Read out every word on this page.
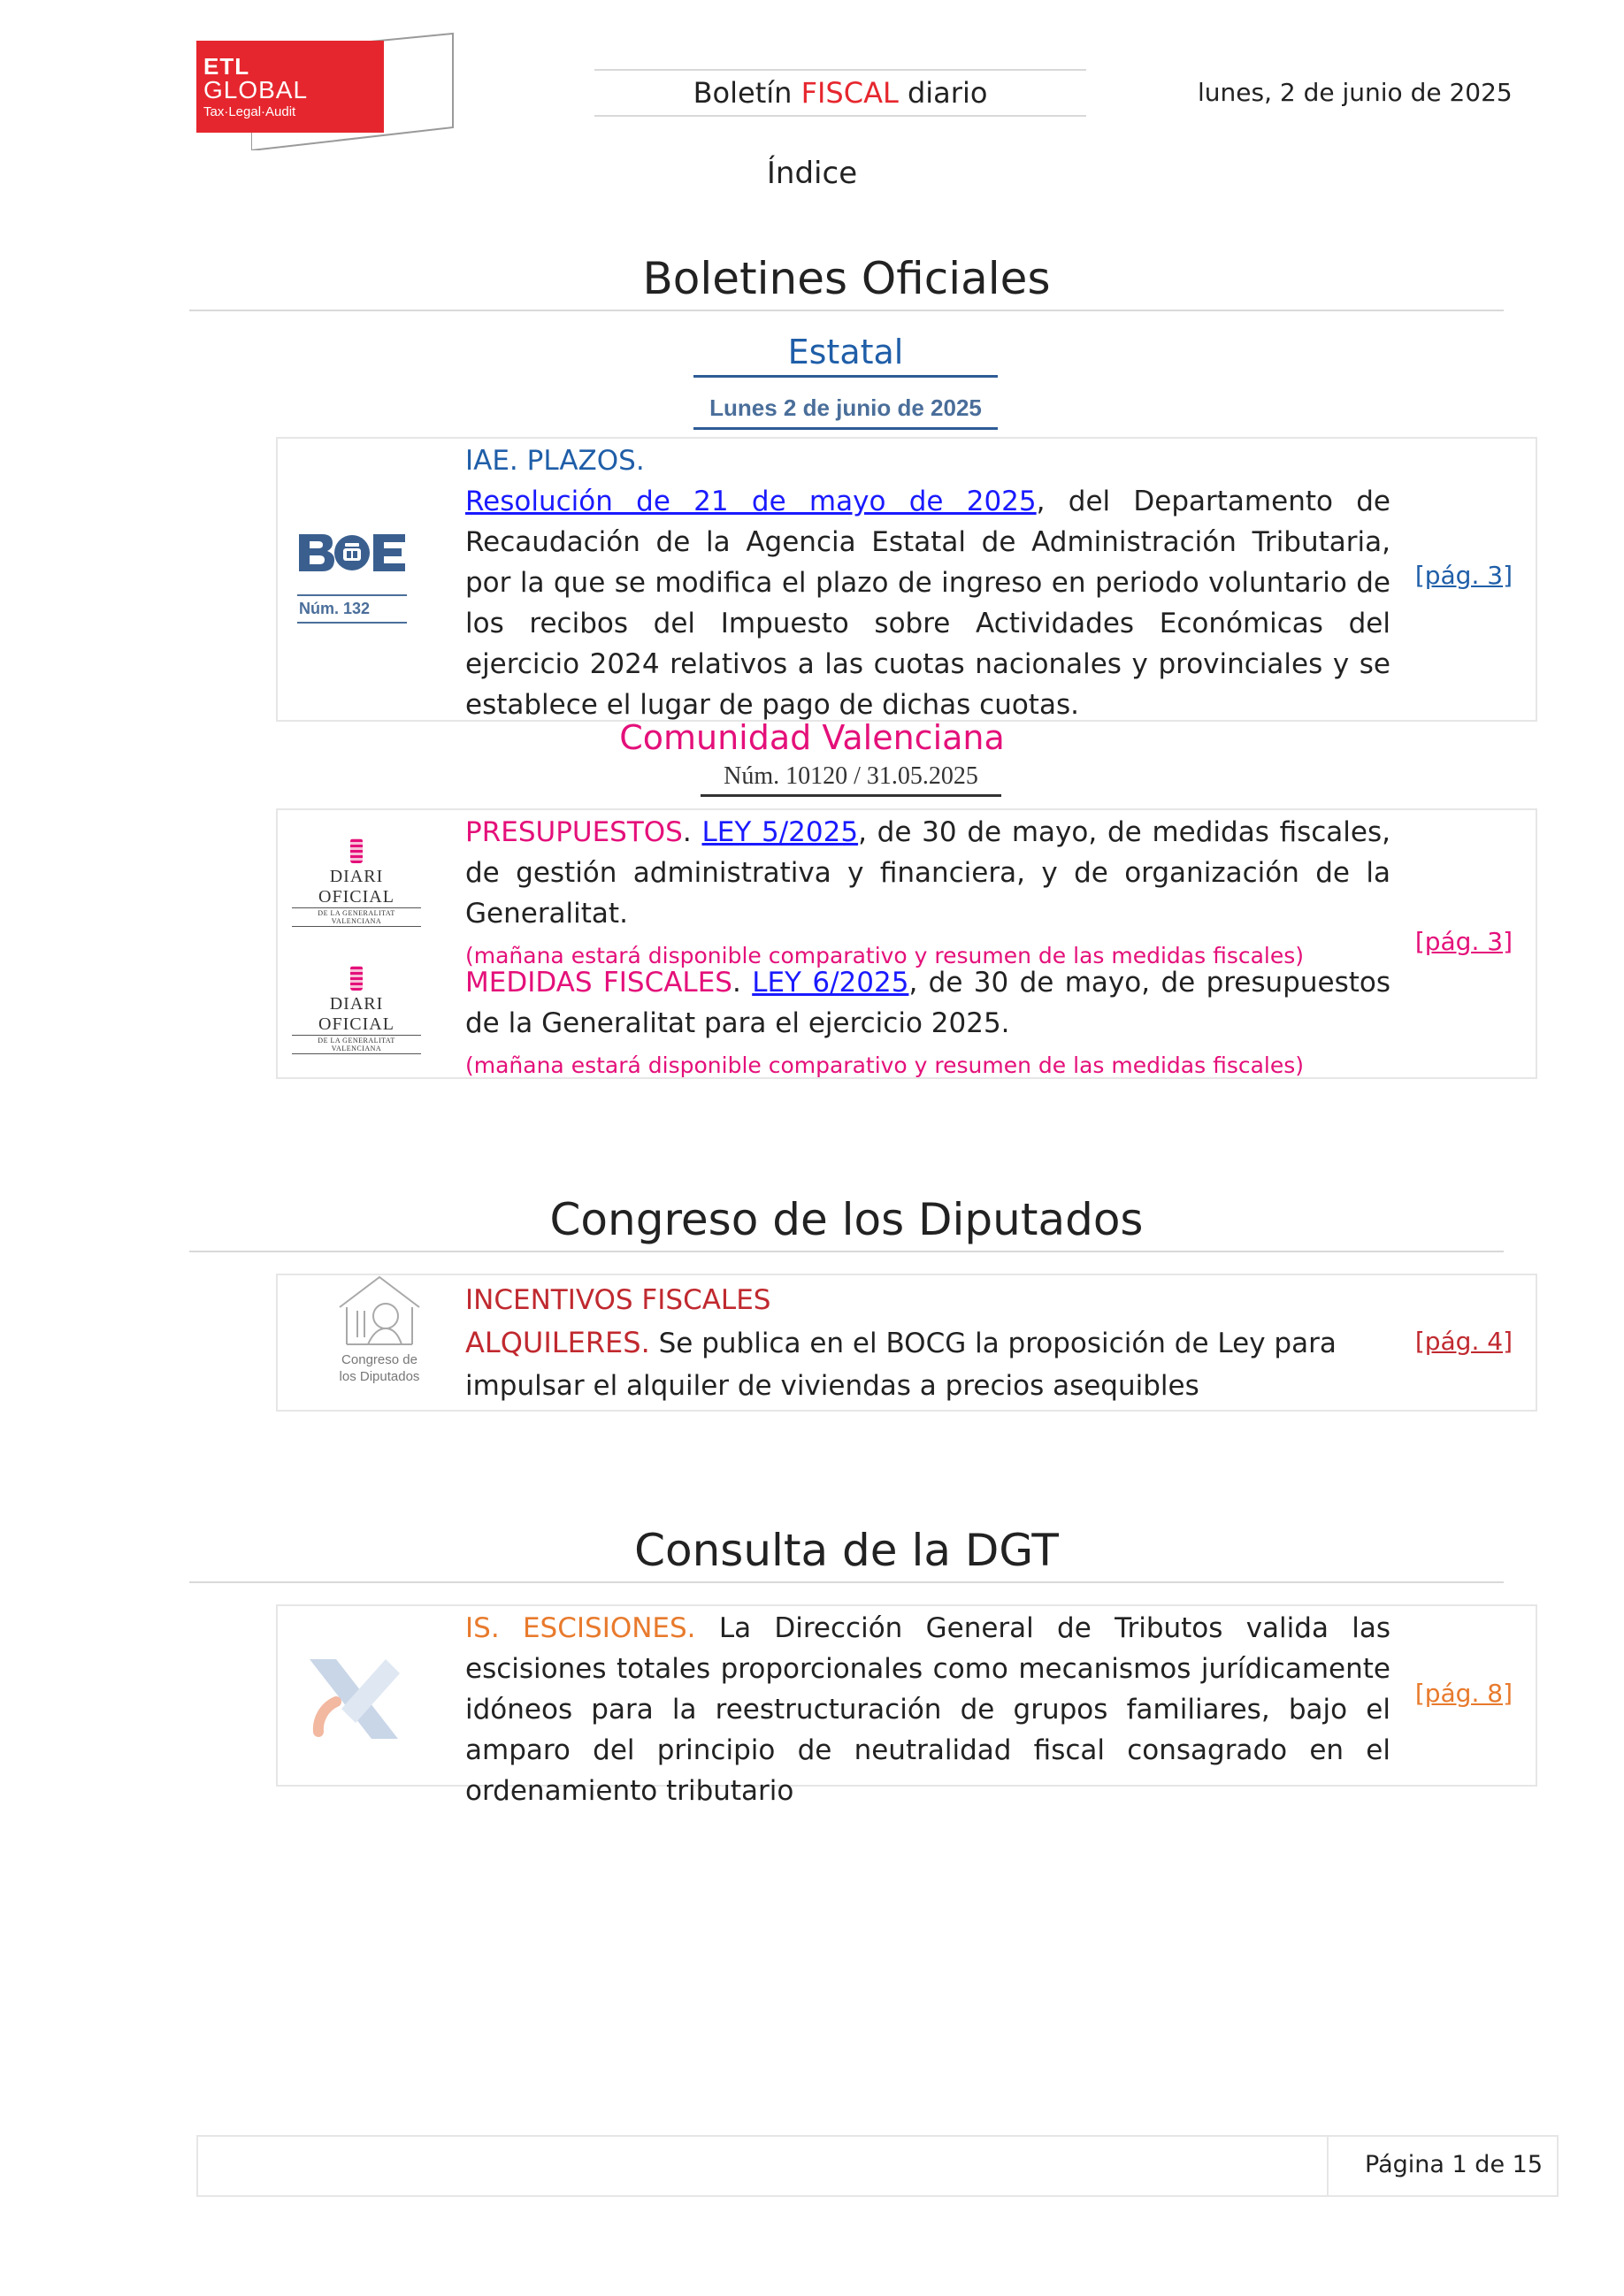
ETL
GLOBAL
Tax·Legal·Audit
Boletín FISCAL diario	lunes, 2 de junio de 2025
Índice
Boletines Oficiales
Estatal
Lunes 2 de junio de 2025
Núm. 132
IAE. PLAZOS.
Resolución de 21 de mayo de 2025, del Departamento de Recaudación de la Agencia Estatal de Administración Tributaria, por la que se modifica el plazo de ingreso en periodo voluntario de los recibos del Impuesto sobre Actividades Económicas del ejercicio 2024 relativos a las cuotas nacionales y provinciales y se establece el lugar de pago de dichas cuotas.
[pág. 3]
Comunidad Valenciana
Núm. 10120 / 31.05.2025
DIARI OFICIAL
DE LA GENERALITAT VALENCIANA
DIARI OFICIAL
DE LA GENERALITAT VALENCIANA
PRESUPUESTOS. LEY 5/2025, de 30 de mayo, de medidas fiscales, de gestión administrativa y financiera, y de organización de la Generalitat.
(mañana estará disponible comparativo y resumen de las medidas fiscales)
MEDIDAS FISCALES. LEY 6/2025, de 30 de mayo, de presupuestos de la Generalitat para el ejercicio 2025.
(mañana estará disponible comparativo y resumen de las medidas fiscales)
[pág. 3]
Congreso de los Diputados
Congreso de
los Diputados
INCENTIVOS FISCALES
ALQUILERES. Se publica en el BOCG la proposición de Ley para impulsar el alquiler de viviendas a precios asequibles
[pág. 4]
Consulta de la DGT
IS. ESCISIONES. La Dirección General de Tributos valida las escisiones totales proporcionales como mecanismos jurídicamente idóneos para la reestructuración de grupos familiares, bajo el amparo del principio de neutralidad fiscal consagrado en el ordenamiento tributario
[pág. 8]
Página 1 de 15
